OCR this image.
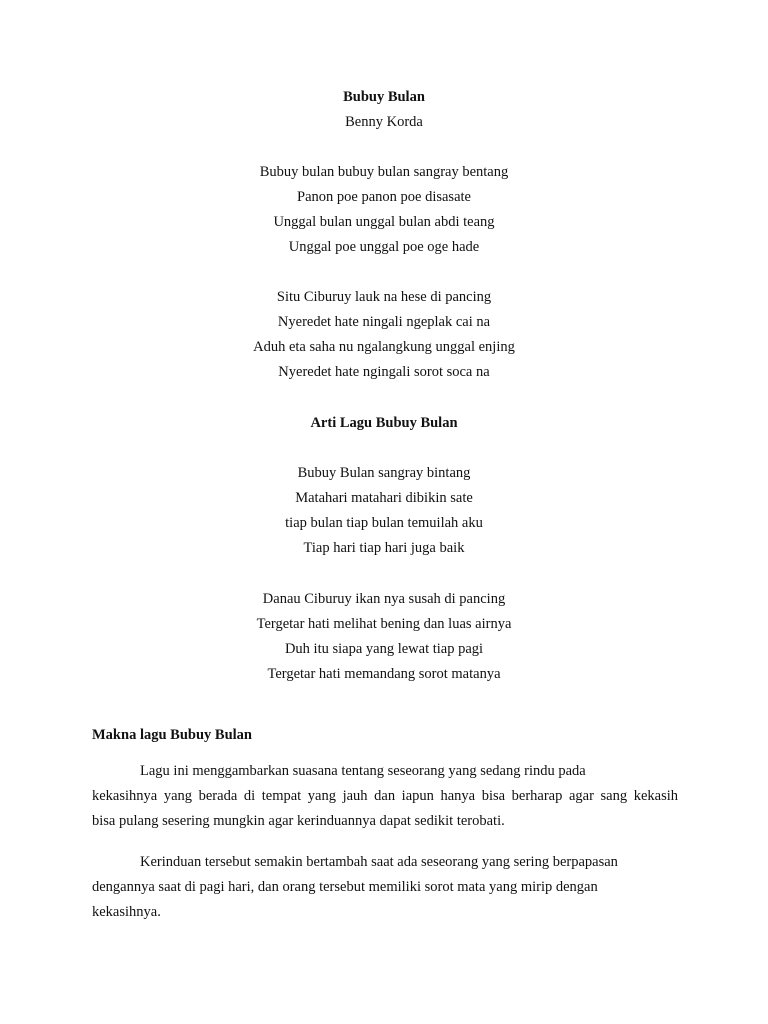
Bubuy Bulan
Benny Korda
Bubuy bulan bubuy bulan sangray bentang
Panon poe panon poe disasate
Unggal bulan unggal bulan abdi teang
Unggal poe unggal poe oge hade
Situ Ciburuy lauk na hese di pancing
Nyeredet hate ningali ngeplak cai na
Aduh eta saha nu ngalangkung unggal enjing
Nyeredet hate ngingali sorot soca na
Arti Lagu Bubuy Bulan
Bubuy Bulan sangray bintang
Matahari matahari dibikin sate
tiap bulan tiap bulan temuilah aku
Tiap hari tiap hari juga baik
Danau Ciburuy ikan nya susah di pancing
Tergetar hati melihat bening dan luas airnya
Duh itu siapa yang lewat tiap pagi
Tergetar hati memandang sorot matanya
Makna lagu Bubuy Bulan
Lagu ini menggambarkan suasana tentang seseorang yang sedang rindu pada
kekasihnya yang berada di tempat yang jauh dan iapun hanya bisa berharap agar sang kekasih
bisa pulang sesering mungkin agar kerinduannya dapat sedikit terobati.
Kerinduan tersebut semakin bertambah saat ada seseorang yang sering berpapasan
dengannya saat di pagi hari, dan orang tersebut memiliki sorot mata yang mirip dengan
kekasihnya.
